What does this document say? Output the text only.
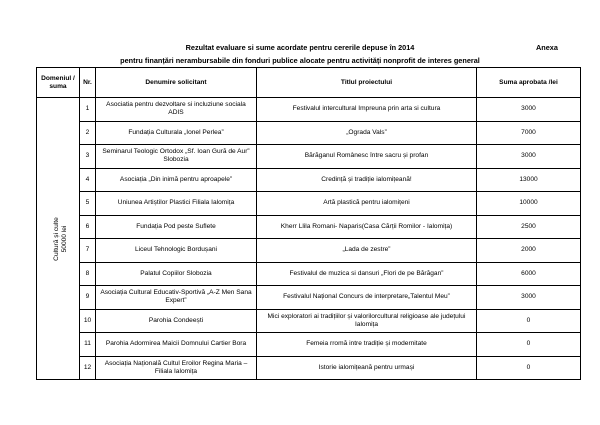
Rezultat evaluare si sume acordate pentru cererile depuse în 2014	Anexa
pentru finanțări nerambursabile din fonduri publice alocate pentru activități nonprofit de interes general
Domeniul / suma	Nr.	Denumire solicitant	Titlul proiectului	Suma aprobata /lei

Cultură și culte 50000 lei	1	Asociatia pentru dezvoltare si incluziune sociala ADIS	Festivalul intercultural Impreuna prin arta si cultura	3000
	2	Fundația Culturala „Ionel Perlea”	„Ograda Vals”	7000
	3	Seminarul Teologic Ortodox „Sf. Ioan Gură de Aur” Slobozia	Bărăganul Românesc între sacru și profan	3000
	4	Asociația „Din inimă pentru aproapele”	Credință și tradiție ialomițeană!	13000
	5	Uniunea Artiștilor Plastici Filiala Ialomița	Artă plastică pentru ialomițeni	10000
	6	Fundația Pod peste Suflete	Kherr Llila Romani- Naparis(Casa Cărții Romilor - Ialomița)	2500
	7	Liceul Tehnologic Bordușani	„Lada de zestre”	2000
	8	Palatul Copiilor Slobozia	Festivalul de muzica si dansuri „Flori de pe Bărăgan”	6000
	9	Asociația Cultural Educativ-Sportivă „A-Z Men Sana Expert”	Festivalul Național Concurs de interpretare„Talentul Meu”	3000
	10	Parohia Condeești	Mici exploratori ai tradițiilor și valorilorcultural religioase ale județului Ialomița	0
	11	Parohia Adormirea Maicii Domnului Cartier Bora	Femeia rromă intre tradiție și modernitate	0
	12	Asociația Națională Cultul Eroilor Regina Maria – Filiala Ialomița	Istorie ialomițeană pentru urmași	0
